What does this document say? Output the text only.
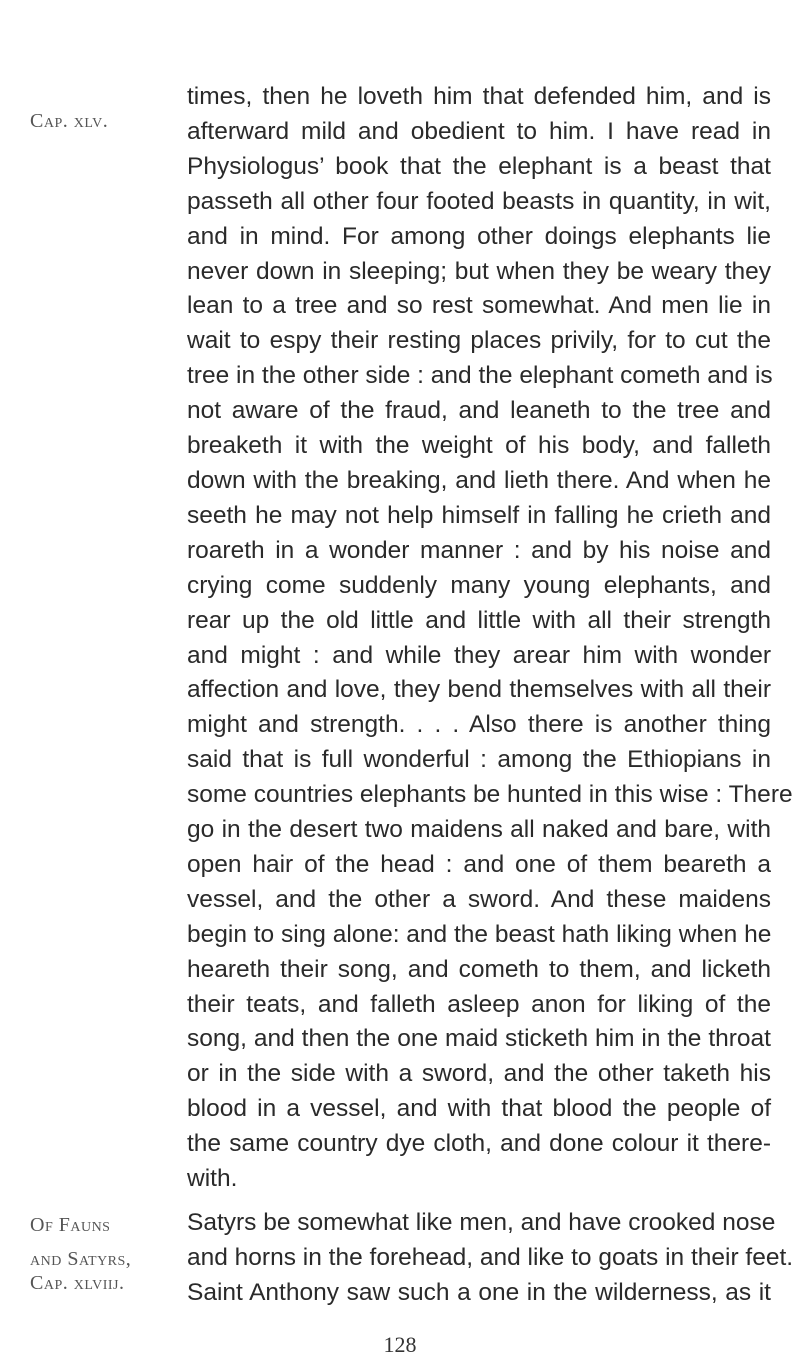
Cap. xlv.
times, then he loveth him that defended him, and is
afterward mild and obedient to him. I have read in
Physiologus’ book that the elephant is a beast that
passeth all other four footed beasts in quantity, in wit,
and in mind. For among other doings elephants lie
never down in sleeping; but when they be weary they
lean to a tree and so rest somewhat. And men lie in
wait to espy their resting places privily, for to cut the
tree in the other side : and the elephant cometh and is
not aware of the fraud, and leaneth to the tree and
breaketh it with the weight of his body, and falleth
down with the breaking, and lieth there. And when he
seeth he may not help himself in falling he crieth and
roareth in a wonder manner : and by his noise and
crying come suddenly many young elephants, and
rear up the old little and little with all their strength
and might : and while they arear him with wonder
affection and love, they bend themselves with all their
might and strength. . . . Also there is another thing
said that is full wonderful : among the Ethiopians in
some countries elephants be hunted in this wise : There
go in the desert two maidens all naked and bare, with
open hair of the head : and one of them beareth a
vessel, and the other a sword. And these maidens
begin to sing alone: and the beast hath liking when he
heareth their song, and cometh to them, and licketh
their teats, and falleth asleep anon for liking of the
song, and then the one maid sticketh him in the throat
or in the side with a sword, and the other taketh his
blood in a vessel, and with that blood the people of
the same country dye cloth, and done colour it there-
with.
Of Fauns
and Satyrs,
Cap. xlviij.
Satyrs be somewhat like men, and have crooked nose
and horns in the forehead, and like to goats in their feet.
Saint Anthony saw such a one in the wilderness, as it
128
